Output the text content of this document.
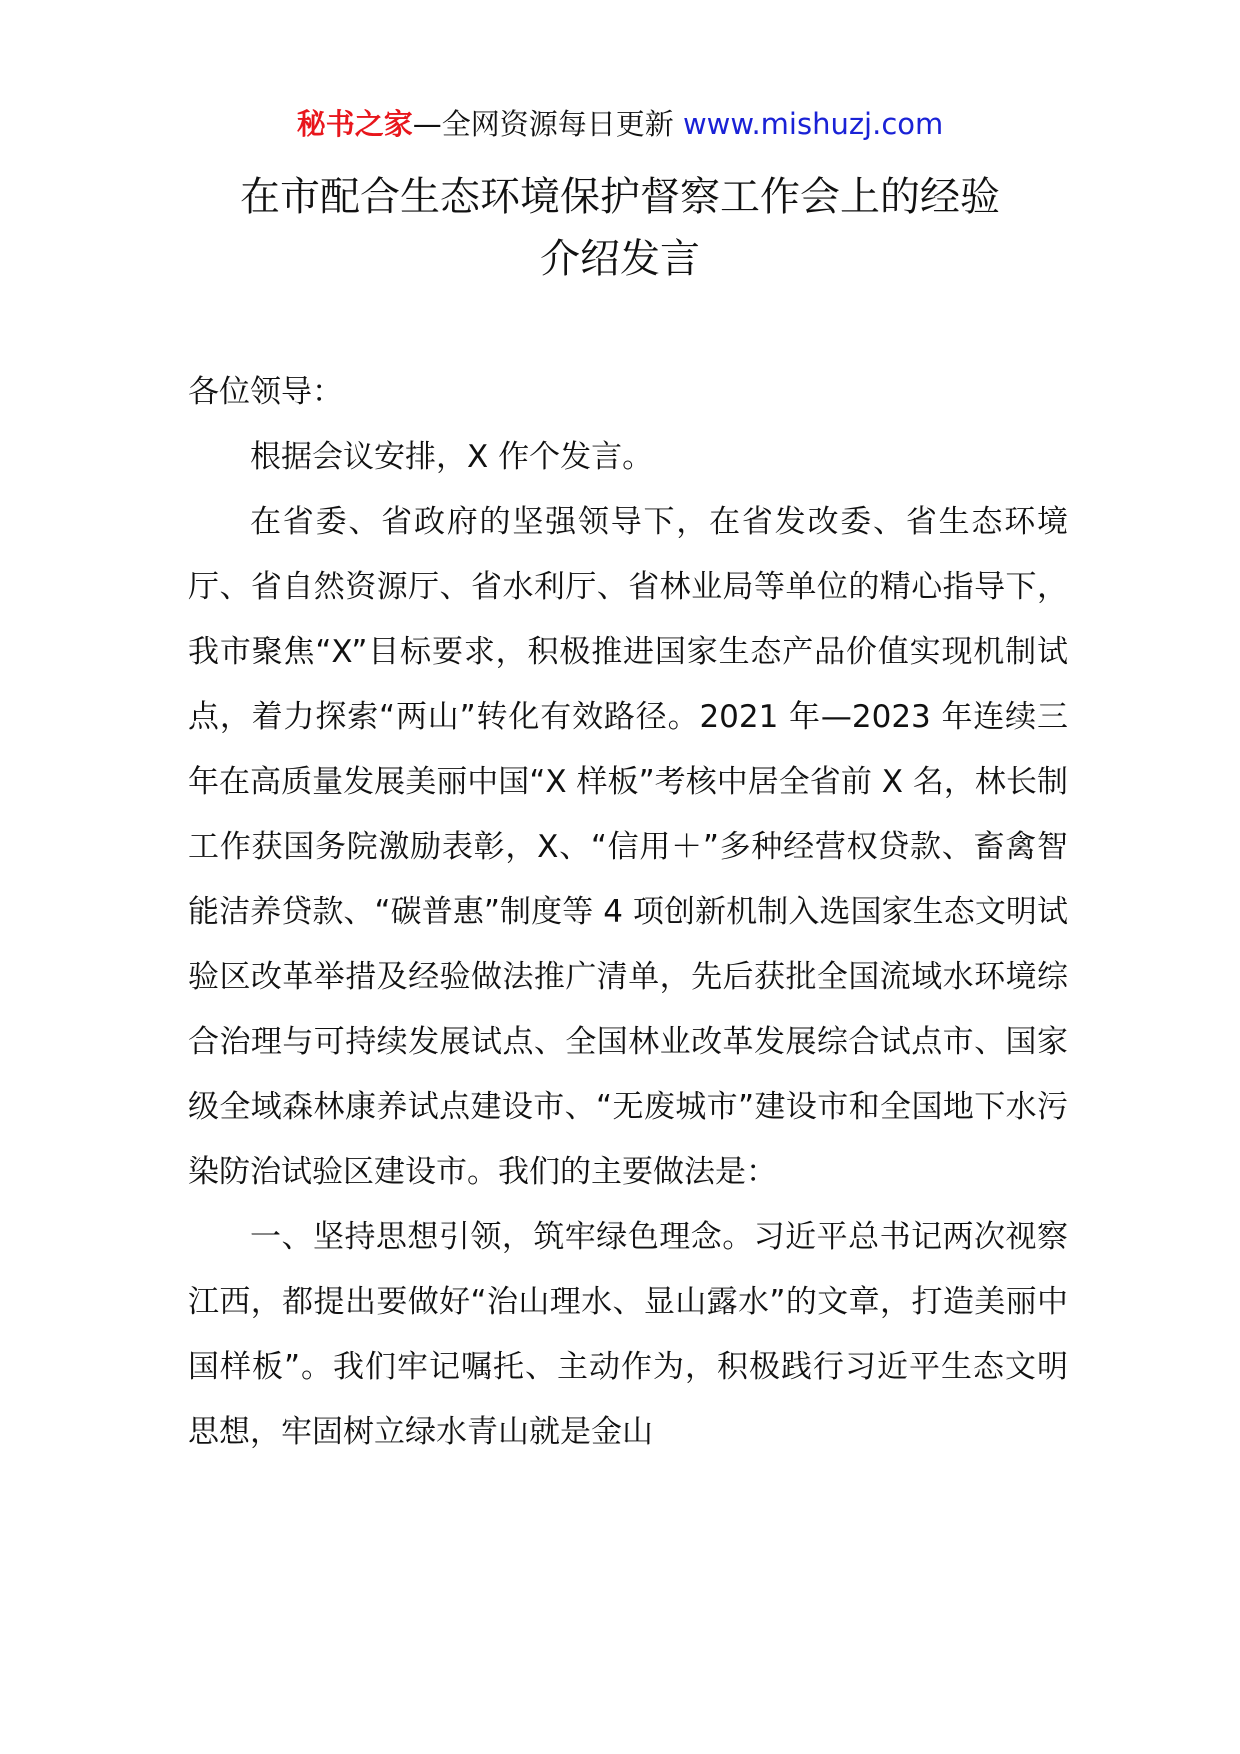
秘书之家—全网资源每日更新 www.mishuzj.com
在市配合生态环境保护督察工作会上的经验
介绍发言

各位领导：

根据会议安排，X 作个发言。

在省委、省政府的坚强领导下，在省发改委、省生态环境厅、省自然资源厅、省水利厅、省林业局等单位的精心指导下，我市聚焦“X”目标要求，积极推进国家生态产品价值实现机制试点，着力探索“两山”转化有效路径。2021 年—2023 年连续三年在高质量发展美丽中国“X 样板”考核中居全省前 X 名，林长制工作获国务院激励表彰，X、“信用＋”多种经营权贷款、畜禽智能洁养贷款、“碳普惠”制度等 4 项创新机制入选国家生态文明试验区改革举措及经验做法推广清单，先后获批全国流域水环境综合治理与可持续发展试点、全国林业改革发展综合试点市、国家级全域森林康养试点建设市、“无废城市”建设市和全国地下水污染防治试验区建设市。我们的主要做法是：

一、坚持思想引领，筑牢绿色理念。习近平总书记两次视察江西，都提出要做好“治山理水、显山露水”的文章，打造美丽中国样板”。我们牢记嘱托、主动作为，积极践行习近平生态文明思想，牢固树立绿水青山就是金山
